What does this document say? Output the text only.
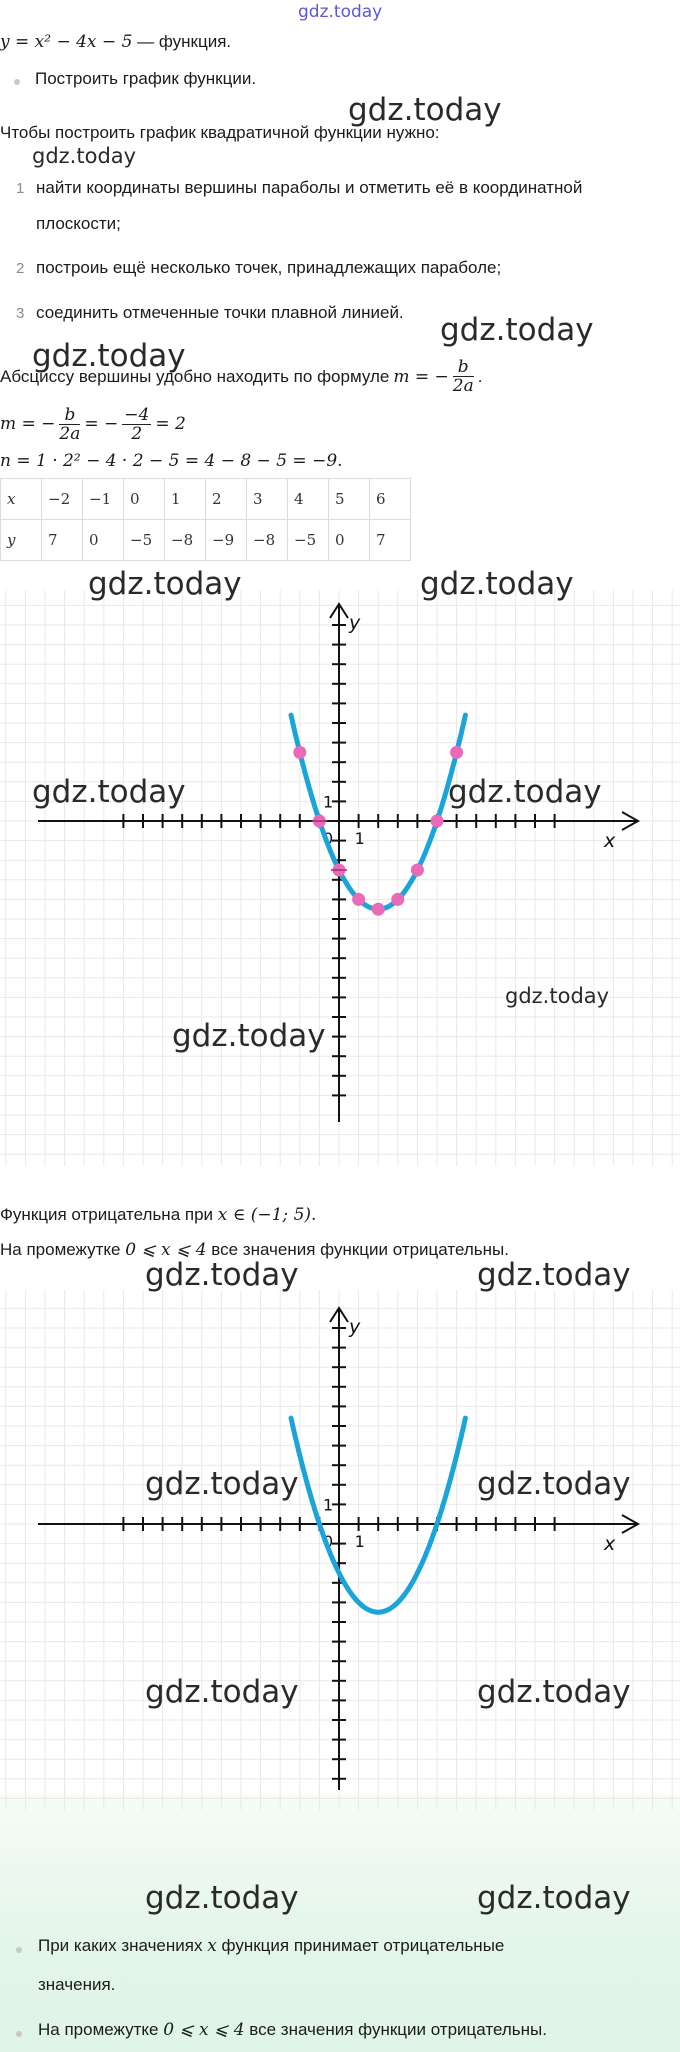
gdz.today
y = x² − 4x − 5 — функция.
Построить график функции.
gdz.today
Чтобы построить график квадратичной функции нужно:
gdz.today
1 найти координаты вершины параболы и отметить её в координатной
плоскости;
2 построиь ещё несколько точек, принадлежащих параболе;
3 соединить отмеченные точки плавной линией. gdz.today
gdz.today
Абсциссу вершины удобно находить по формуле m = − $\frac{b}{2a}$ .
m = − $\frac{b}{2a}$ = − $\frac{-4}{2} = 2$
n = 1 · 2² − 4 · 2 − 5 = 4 − 8 − 5 = −9.
x	−2	−1	0	1	2	3	4	5	6
y	7	0	−5	−8	−9	−8	−5	0	7
x
y
0 1
1
gdz.today	gdz.today
gdz.today	gdz.today
gdz.today
gdz.today
Функция отрицательна при x ∈ (−1; 5).
На промежутке 0 ⩽ x ⩽ 4 все значения функции отрицательны.
gdz.today	gdz.today
x
y
0 1
1
gdz.today	gdz.today
gdz.today	gdz.today
gdz.today	gdz.today
При каких значениях x функция принимает отрицательные
значения.
На промежутке 0 ⩽ x ⩽ 4 все значения функции отрицательны.
